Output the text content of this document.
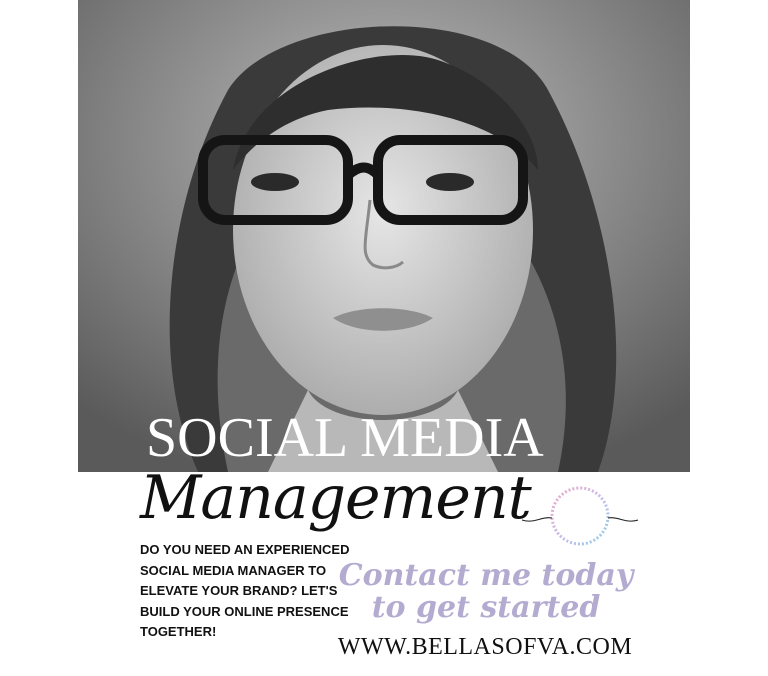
SOCIAL MEDIA
Management

DO YOU NEED AN EXPERIENCED SOCIAL MEDIA MANAGER TO ELEVATE YOUR BRAND? LET'S BUILD YOUR ONLINE PRESENCE TOGETHER!

Contact me today
to get started
WWW.BELLASOFVA.COM
